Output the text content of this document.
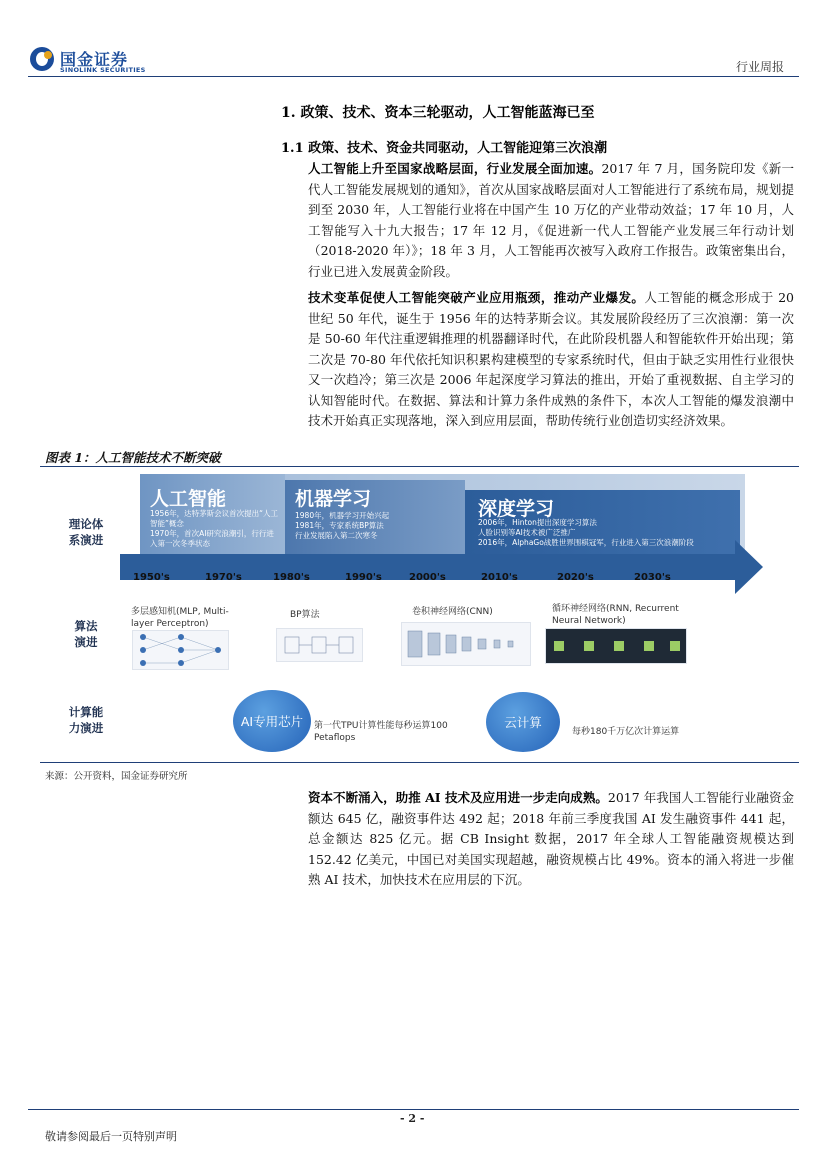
国金证券
SINOLINK SECURITIES	行业周报
1. 政策、技术、资本三轮驱动，人工智能蓝海已至
1.1 政策、技术、资金共同驱动，人工智能迎第三次浪潮
人工智能上升至国家战略层面，行业发展全面加速。2017 年 7 月，国务院印发《新一代人工智能发展规划的通知》，首次从国家战略层面对人工智能进行了系统布局，规划提到至 2030 年，人工智能行业将在中国产生 10 万亿的产业带动效益；17 年 10 月，人工智能写入十九大报告；17 年 12 月，《促进新一代人工智能产业发展三年行动计划（2018-2020 年）》；18 年 3 月，人工智能再次被写入政府工作报告。政策密集出台，行业已进入发展黄金阶段。
技术变革促使人工智能突破产业应用瓶颈，推动产业爆发。人工智能的概念形成于 20 世纪 50 年代，诞生于 1956 年的达特茅斯会议。其发展阶段经历了三次浪潮：第一次是 50-60 年代注重逻辑推理的机器翻译时代，在此阶段机器人和智能软件开始出现；第二次是 70-80 年代依托知识积累构建模型的专家系统时代，但由于缺乏实用性行业很快又一次趋冷；第三次是 2006 年起深度学习算法的推出，开始了重视数据、自主学习的认知智能时代。在数据、算法和计算力条件成熟的条件下，本次人工智能的爆发浪潮中技术开始真正实现落地，深入到应用层面，帮助传统行业创造切实经济效果。
图表 1：人工智能技术不断突破
理论体
系演进
算法
演进
计算能
力演进
人工智能
1956年，达特茅斯会议首次提出“人工智能”概念
1970年，首次AI研究浪潮引，行行进入第一次冬季状态
机器学习
1980年，机器学习开始兴起
1981年，专家系统BP算法
行业发展陷入第二次寒冬
深度学习
2006年，Hinton提出深度学习算法
人脸识别等AI技术被广泛推广
2016年，AlphaGo战胜世界围棋冠军，行业进入第三次浪潮阶段
1950's	1970's	1980's	1990's	2000's	2010's	2020's	2030's
多层感知机(MLP, Multi-layer Perceptron)
BP算法	卷积神经网络(CNN)	循环神经网络(RNN, Recurrent Neural Network)
AI专用芯片	第一代TPU计算性能每秒运算100 Petaflops
云计算
每秒180千万亿次计算运算
来源：公开资料，国金证券研究所
资本不断涌入，助推 AI 技术及应用进一步走向成熟。2017 年我国人工智能行业融资金额达 645 亿，融资事件达 492 起；2018 年前三季度我国 AI 发生融资事件 441 起，总金额达 825 亿元。据 CB Insight 数据，2017 年全球人工智能融资规模达到 152.42 亿美元，中国已对美国实现超越，融资规模占比 49%。资本的涌入将进一步催熟 AI 技术，加快技术在应用层的下沉。
- 2 -
敬请参阅最后一页特别声明
